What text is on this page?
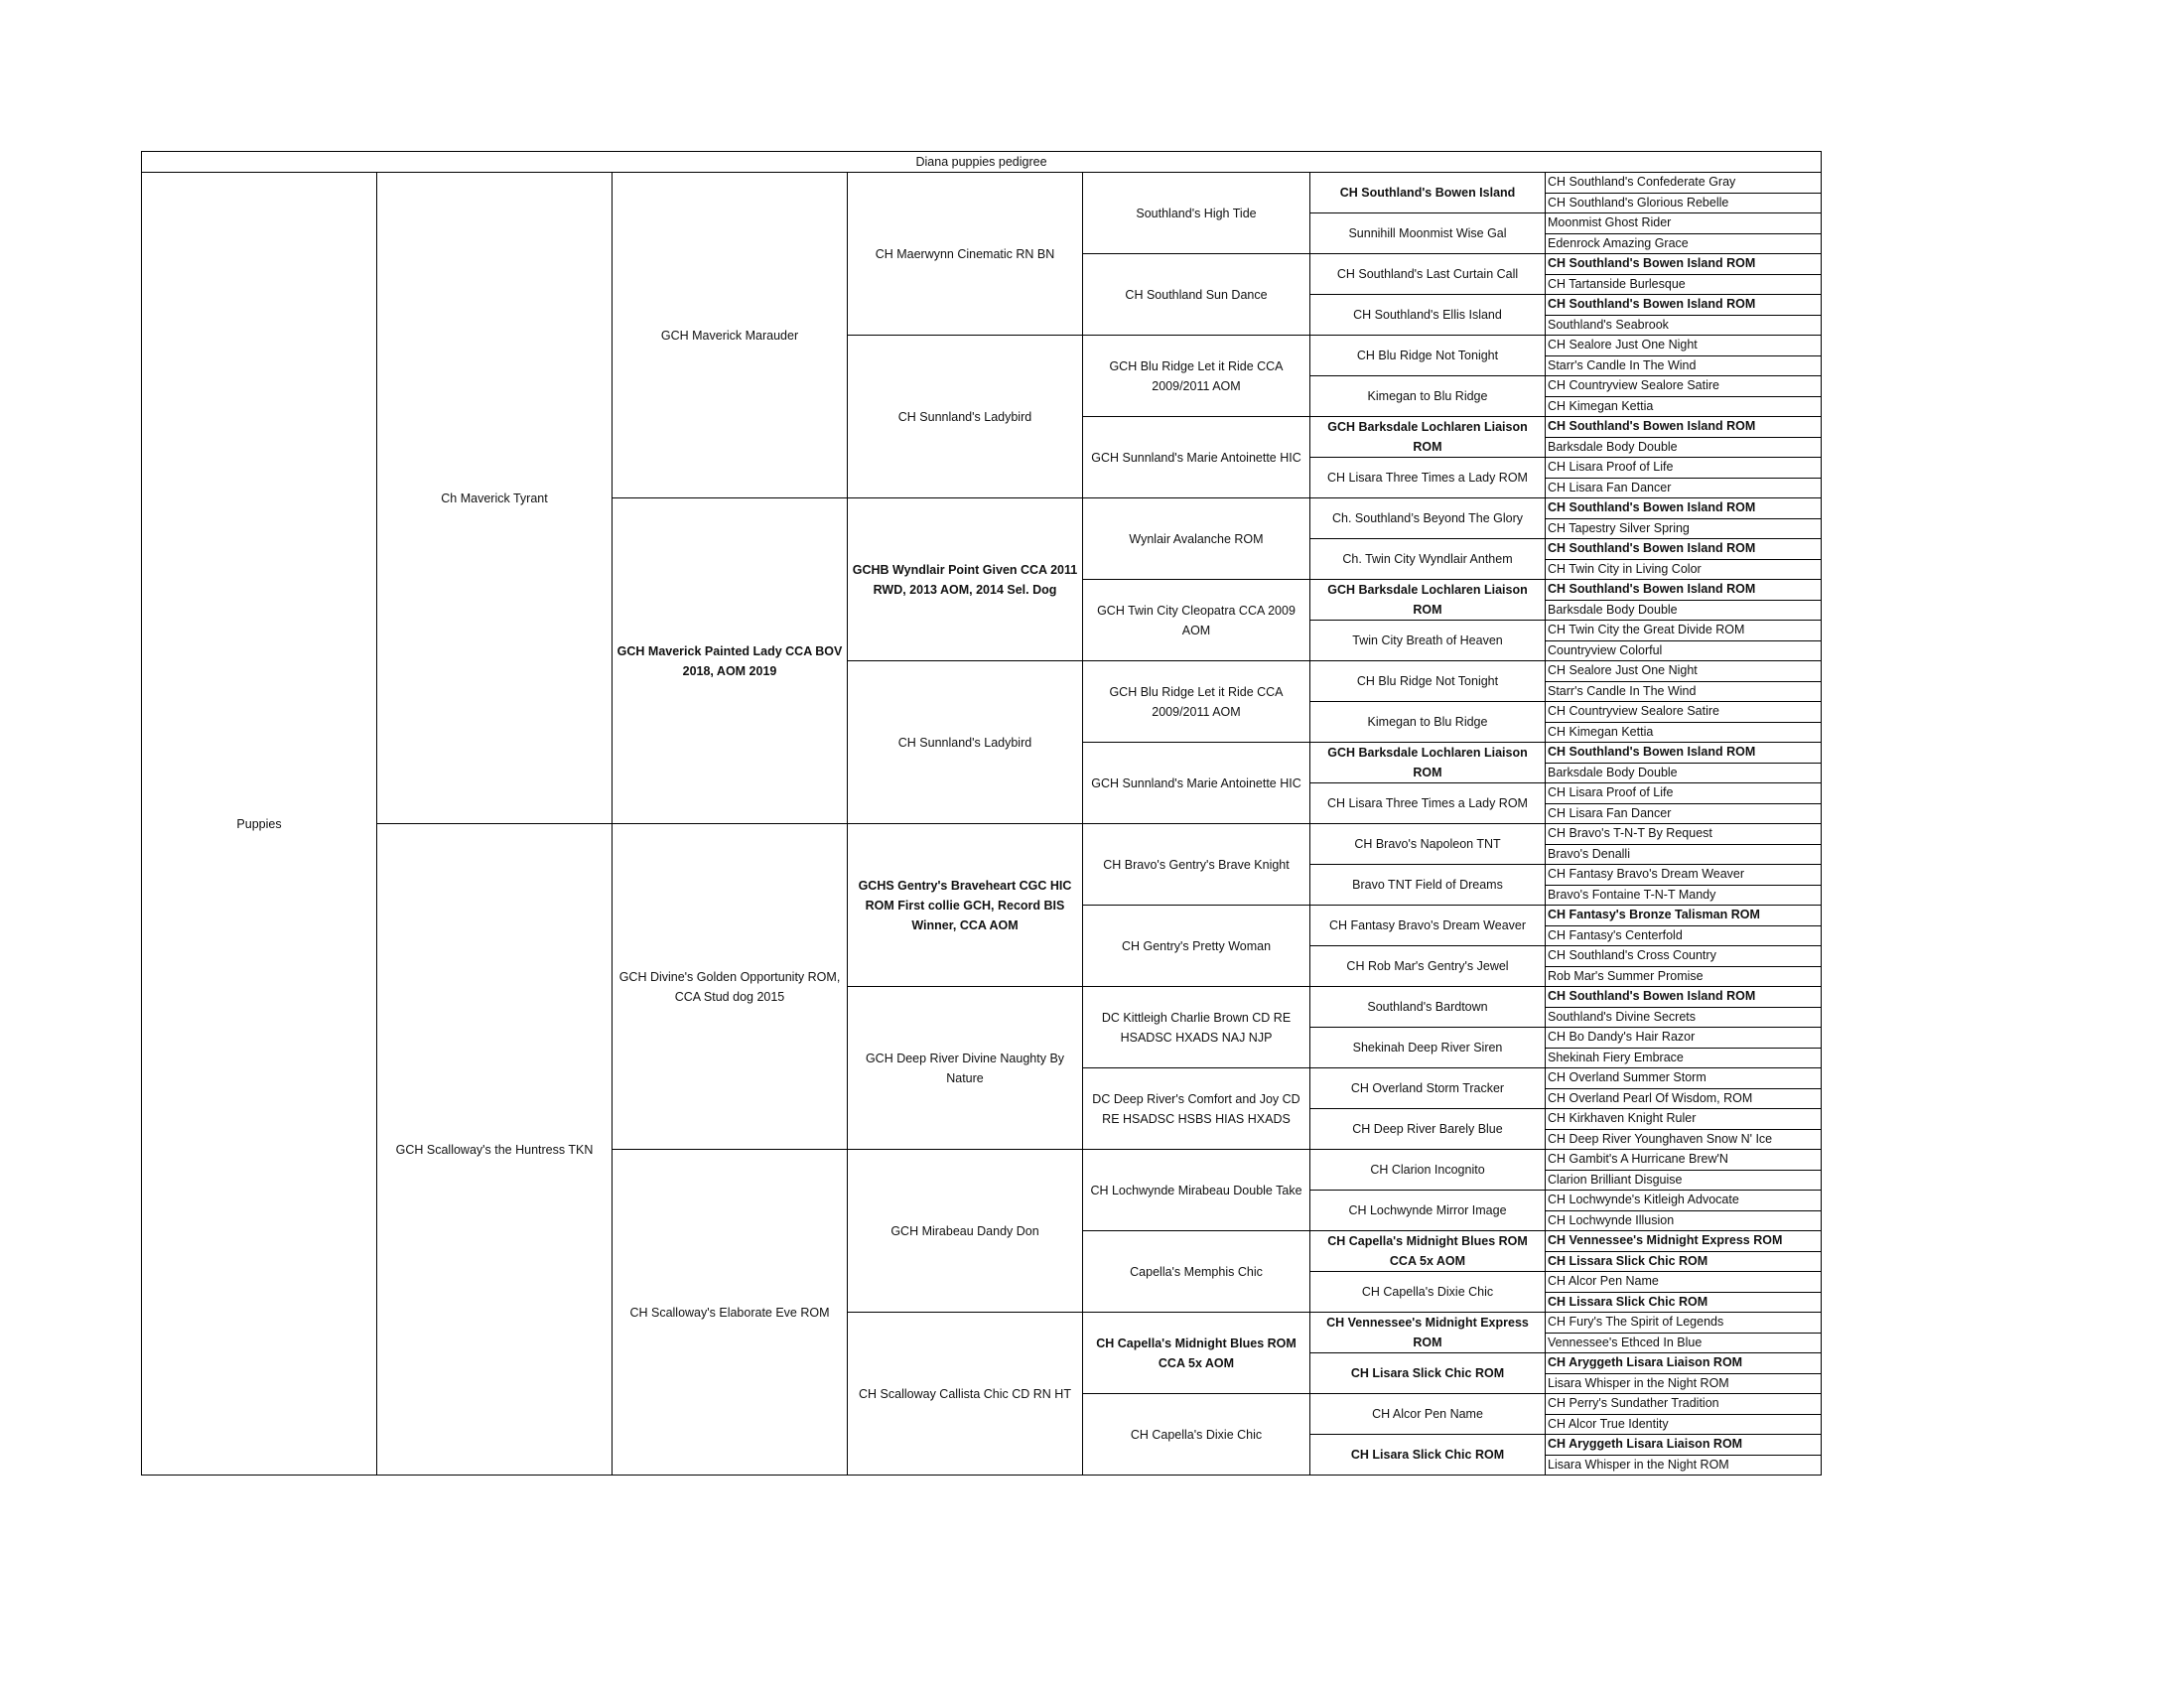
Diana puppies pedigree						
Puppies	Ch Maverick Tyrant	GCH Maverick Marauder	CH Maerwynn Cinematic RN BN	Southland's High Tide	CH Southland's Bowen Island	CH Southland's Confederate Gray
						CH Southland's Glorious Rebelle
					Sunnihill Moonmist Wise Gal	Moonmist Ghost Rider
						Edenrock Amazing Grace
				CH Southland Sun Dance	CH Southland's Last Curtain Call	CH Southland's Bowen Island ROM
						CH Tartanside Burlesque
					CH Southland's Ellis Island	CH Southland's Bowen Island ROM
						Southland's Seabrook
			CH Sunnland's Ladybird	GCH Blu Ridge Let it Ride CCA 2009/2011 AOM	CH Blu Ridge Not Tonight	CH Sealore Just One Night
						Starr's Candle In The Wind
					Kimegan to Blu Ridge	CH Countryview Sealore Satire
						CH Kimegan Kettia
				GCH Sunnland's Marie Antoinette HIC	GCH Barksdale Lochlaren Liaison ROM	CH Southland's Bowen Island ROM
						Barksdale Body Double
					CH Lisara Three Times a Lady ROM	CH Lisara Proof of Life
						CH Lisara Fan Dancer
		GCH Maverick Painted Lady CCA BOV 2018, AOM 2019	GCHB Wyndlair Point Given CCA 2011 RWD, 2013 AOM, 2014 Sel. Dog	Wynlair Avalanche ROM	Ch. Southland’s Beyond The Glory	CH Southland's Bowen Island ROM
						CH Tapestry Silver Spring
					Ch. Twin City Wyndlair Anthem	CH Southland's Bowen Island ROM
						CH Twin City in Living Color
				GCH Twin City Cleopatra CCA 2009 AOM	GCH Barksdale Lochlaren Liaison ROM	CH Southland's Bowen Island ROM
						Barksdale Body Double
					Twin City Breath of Heaven	CH Twin City the Great Divide ROM
						Countryview Colorful
			CH Sunnland's Ladybird	GCH Blu Ridge Let it Ride CCA 2009/2011 AOM	CH Blu Ridge Not Tonight	CH Sealore Just One Night
						Starr's Candle In The Wind
					Kimegan to Blu Ridge	CH Countryview Sealore Satire
						CH Kimegan Kettia
				GCH Sunnland's Marie Antoinette HIC	GCH Barksdale Lochlaren Liaison ROM	CH Southland's Bowen Island ROM
						Barksdale Body Double
					CH Lisara Three Times a Lady ROM	CH Lisara Proof of Life
						CH Lisara Fan Dancer
	GCH Scalloway's the Huntress TKN	GCH Divine's Golden Opportunity ROM, CCA Stud dog 2015	GCHS Gentry's Braveheart CGC HIC ROM First collie GCH, Record BIS Winner, CCA AOM	CH Bravo's Gentry's Brave Knight	CH Bravo's Napoleon TNT	CH Bravo's T-N-T By Request
						Bravo's Denalli
					Bravo TNT Field of Dreams	CH Fantasy Bravo's Dream Weaver
						Bravo's Fontaine T-N-T Mandy
				CH Gentry's Pretty Woman	CH Fantasy Bravo's Dream Weaver	CH Fantasy's Bronze Talisman ROM
						CH Fantasy's Centerfold
					CH Rob Mar's Gentry's Jewel	CH Southland's Cross Country
						Rob Mar's Summer Promise
			GCH Deep River Divine Naughty By Nature	DC Kittleigh Charlie Brown CD RE HSADSC HXADS NAJ NJP	Southland's Bardtown	CH Southland's Bowen Island ROM
						Southland's Divine Secrets
					Shekinah Deep River Siren	CH Bo Dandy's Hair Razor
						Shekinah Fiery Embrace
				DC Deep River's Comfort and Joy CD RE HSADSC HSBS HIAS HXADS	CH Overland Storm Tracker	CH Overland Summer Storm
						CH Overland Pearl Of Wisdom, ROM
					CH Deep River Barely Blue	CH Kirkhaven Knight Ruler
						CH Deep River Younghaven Snow N' Ice
		CH Scalloway's Elaborate Eve ROM	GCH Mirabeau Dandy Don	CH Lochwynde Mirabeau Double Take	CH Clarion Incognito	CH Gambit's A Hurricane Brew'N
						Clarion Brilliant Disguise
					CH Lochwynde Mirror Image	CH Lochwynde's Kitleigh Advocate
						CH Lochwynde Illusion
				Capella's Memphis Chic	CH Capella's Midnight Blues ROM CCA 5x AOM	CH Vennessee's Midnight Express ROM
						CH Lissara Slick Chic ROM
					CH Capella's Dixie Chic	CH Alcor Pen Name
						CH Lissara Slick Chic ROM
			CH Scalloway Callista Chic CD RN HT	CH Capella's Midnight Blues ROM CCA 5x AOM	CH Vennessee's Midnight Express ROM	CH Fury's The Spirit of Legends
						Vennessee's Ethced In Blue
					CH Lisara Slick Chic ROM	CH Aryggeth Lisara Liaison ROM
						Lisara Whisper in the Night ROM
				CH Capella's Dixie Chic	CH Alcor Pen Name	CH Perry's Sundather Tradition
						CH Alcor True Identity
					CH Lisara Slick Chic ROM	CH Aryggeth Lisara Liaison ROM
						Lisara Whisper in the Night ROM
